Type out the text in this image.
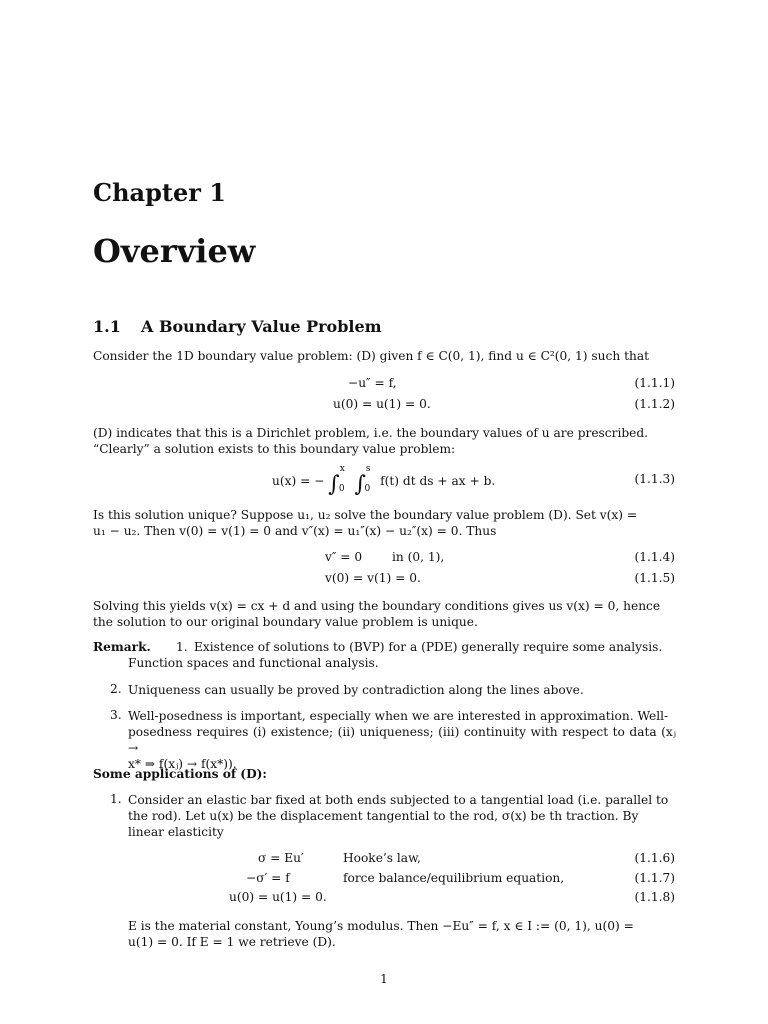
Chapter 1
Overview
1.1 A Boundary Value Problem
Consider the 1D boundary value problem: (D) given f ∈ C(0, 1), find u ∈ C²(0, 1) such that
−u″ = f,	(1.1.1)
u(0) = u(1) = 0.	(1.1.2)
(D) indicates that this is a Dirichlet problem, i.e. the boundary values of u are prescribed.
“Clearly” a solution exists to this boundary value problem:
u(x) = − ∫$^x_0$ ∫$^s_0$ f(t) dt ds + ax + b.	(1.1.3)
Is this solution unique? Suppose u₁, u₂ solve the boundary value problem (D). Set v(x) =
u₁ − u₂. Then v(0) = v(1) = 0 and v″(x) = u₁″(x) − u₂″(x) = 0. Thus
v″ = 0 in (0, 1),	(1.1.4)
v(0) = v(1) = 0.	(1.1.5)
Solving this yields v(x) = cx + d and using the boundary conditions gives us v(x) = 0, hence
the solution to our original boundary value problem is unique.
Remark. 1. Existence of solutions to (BVP) for a (PDE) generally require some analysis.
Function spaces and functional analysis.
2. Uniqueness can usually be proved by contradiction along the lines above.
3. Well-posedness is important, especially when we are interested in approximation. Well-
posedness requires (i) existence; (ii) uniqueness; (iii) continuity with respect to data (xⱼ →
x* ⇒ f(xⱼ) → f(x*)).
Some applications of (D):
1. Consider an elastic bar fixed at both ends subjected to a tangential load (i.e. parallel to
the rod). Let u(x) be the displacement tangential to the rod, σ(x) be th traction. By
linear elasticity
σ = Eu′	Hooke’s law,	(1.1.6)
−σ′ = f	force balance/equilibrium equation,	(1.1.7)
u(0) = u(1) = 0.	(1.1.8)
E is the material constant, Young’s modulus. Then −Eu″ = f, x ∈ I := (0, 1), u(0) =
u(1) = 0. If E = 1 we retrieve (D).
1
